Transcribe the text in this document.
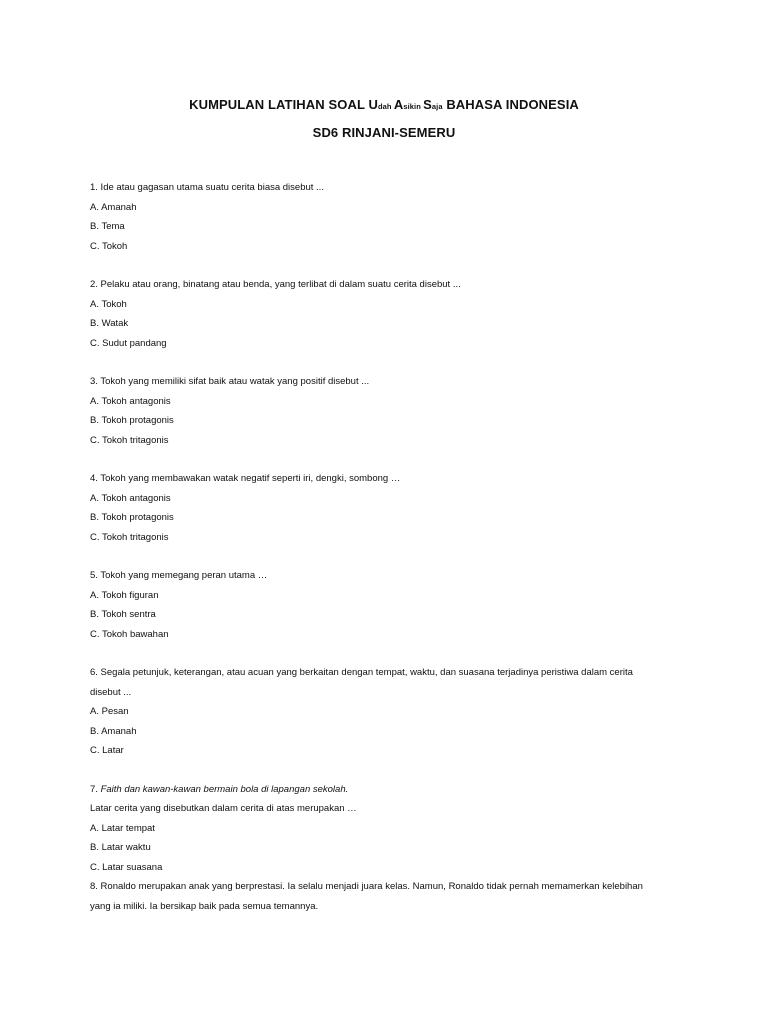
KUMPULAN LATIHAN SOAL Udah Asikin Saja BAHASA INDONESIA
SD6 RINJANI-SEMERU

1. Ide atau gagasan utama suatu cerita biasa disebut ...

A. Amanah

B. Tema

C. Tokoh

2. Pelaku atau orang, binatang atau benda, yang terlibat di dalam suatu cerita disebut ...

A. Tokoh

B. Watak

C. Sudut pandang

3. Tokoh yang memiliki sifat baik atau watak yang positif disebut ...

A. Tokoh antagonis

B. Tokoh protagonis

C. Tokoh tritagonis

4. Tokoh yang membawakan watak negatif seperti iri, dengki, sombong …

A. Tokoh antagonis

B. Tokoh protagonis

C. Tokoh tritagonis

5. Tokoh yang memegang peran utama …

A. Tokoh figuran

B. Tokoh sentra

C. Tokoh bawahan

6. Segala petunjuk, keterangan, atau acuan yang berkaitan dengan tempat, waktu, dan suasana terjadinya peristiwa dalam cerita

disebut ...

A. Pesan

B. Amanah

C. Latar

7. Faith dan kawan-kawan bermain bola di lapangan sekolah.

Latar cerita yang disebutkan dalam cerita di atas merupakan …

A. Latar tempat

B. Latar waktu

C. Latar suasana

8. Ronaldo merupakan anak yang berprestasi. Ia selalu menjadi juara kelas. Namun, Ronaldo tidak pernah memamerkan kelebihan

yang ia miliki. Ia bersikap baik pada semua temannya.
